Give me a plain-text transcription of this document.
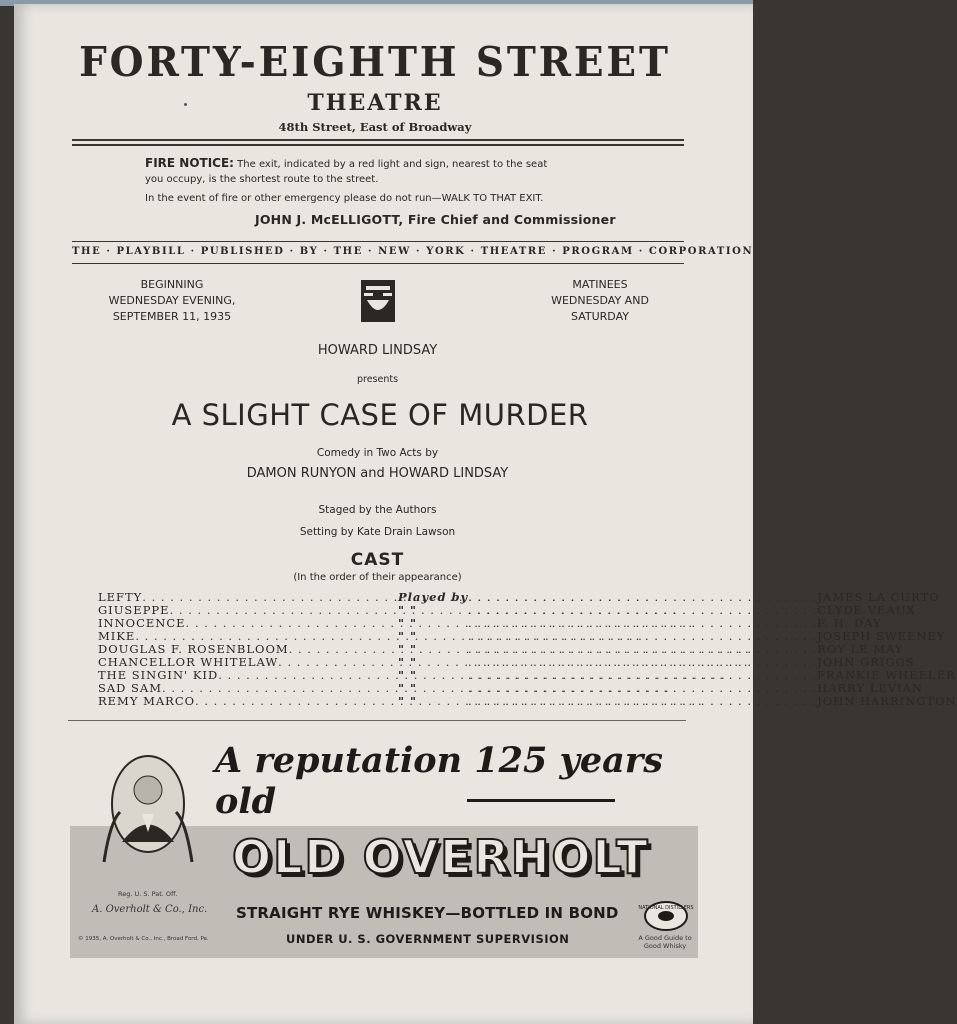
FORTY-EIGHTH STREET
THEATRE
48th Street, East of Broadway
FIRE NOTICE: The exit, indicated by a red light and sign, nearest to the seat
you occupy, is the shortest route to the street.
In the event of fire or other emergency please do not run—WALK TO THAT EXIT.
JOHN J. McELLIGOTT, Fire Chief and Commissioner
THE · PLAYBILL · PUBLISHED · BY · THE · NEW · YORK · THEATRE · PROGRAM · CORPORATION
BEGINNING
WEDNESDAY EVENING,
SEPTEMBER 11, 1935
MATINEES
WEDNESDAY AND
SATURDAY
HOWARD LINDSAY
presents
A SLIGHT CASE OF MURDER
Comedy in Two Acts by
DAMON RUNYON and HOWARD LINDSAY
Staged by the Authors
Setting by Kate Drain Lawson
CAST
(In the order of their appearance)
LEFTY . . .	Played by . . .	JAMES LA CURTO
GIUSEPPE . . .	" " . . .	CLYDE VEAUX
INNOCENCE . . .	" " . . .	F. H. DAY
MIKE . . .	" " . . .	JOSEPH SWEENEY
DOUGLAS F. ROSENBLOOM . . .	" " . . .	ROY LE MAY
CHANCELLOR WHITELAW . . .	" " . . .	JOHN GRIGGS
THE SINGIN' KID . . .	" " . . .	FRANKIE WHEELER
SAD SAM . . .	" " . . .	HARRY LEVIAN
REMY MARCO . . .	" " . . .	JOHN HARRINGTON
A reputation 125 years old
OLD OVERHOLT
Reg. U. S. Pat. Off.
A. Overholt & Co., Inc. STRAIGHT RYE WHISKEY—BOTTLED IN BOND
UNDER U. S. GOVERNMENT SUPERVISION
© 1935, A. Overholt & Co., Inc., Broad Ford, Pa.
NATIONAL DISTILLERS
A Good Guide to Good Whisky
